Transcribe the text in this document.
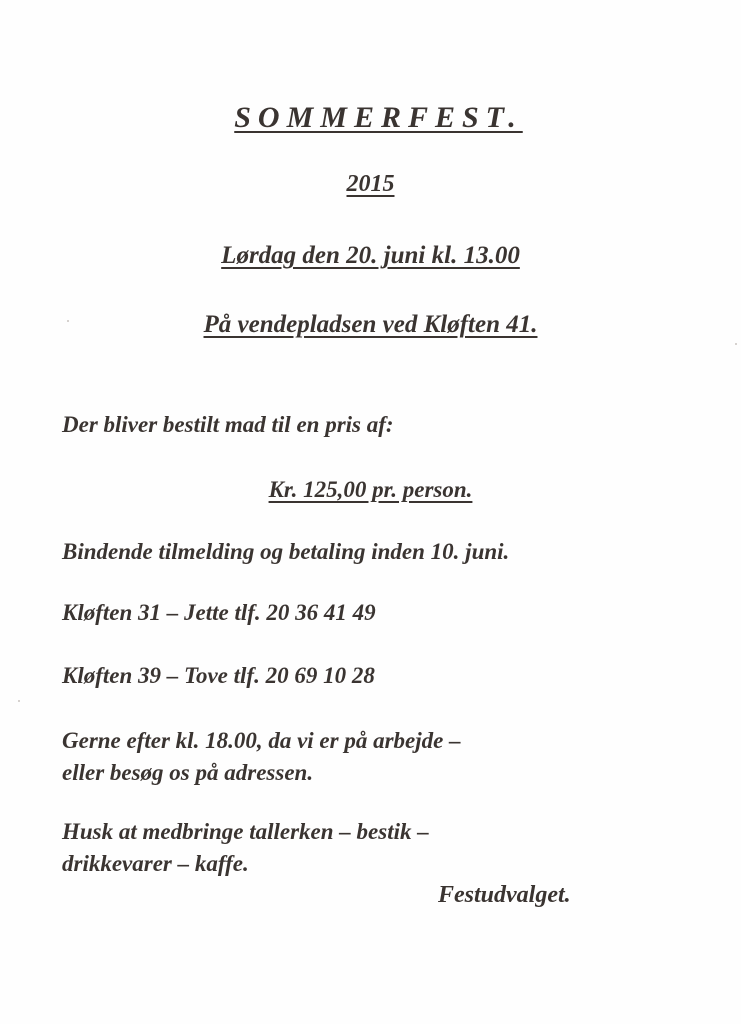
SOMMERFEST.
2015
Lørdag den 20. juni kl. 13.00
På vendepladsen ved Kløften 41.
Der bliver bestilt mad til en pris af:
Kr. 125,00 pr. person.
Bindende tilmelding og betaling inden 10. juni.
Kløften 31 – Jette tlf. 20 36 41 49
Kløften 39 – Tove tlf. 20 69 10 28
Gerne efter kl. 18.00, da vi er på arbejde –
eller besøg os på adressen.
Husk at medbringe tallerken – bestik –
drikkevarer – kaffe.
Festudvalget.
